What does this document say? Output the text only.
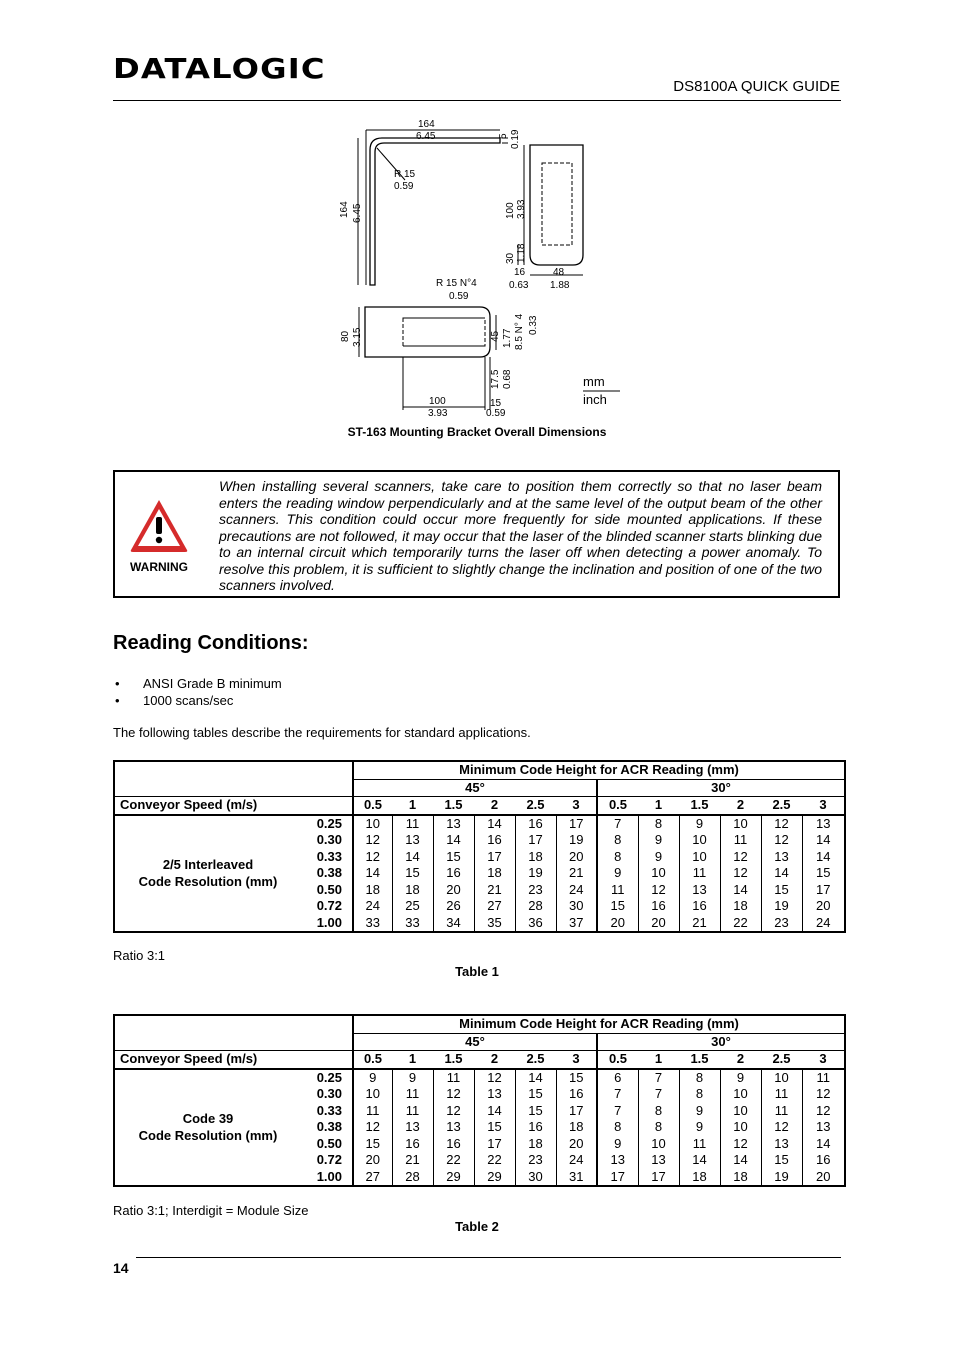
DATALOGIC
DS8100A QUICK GUIDE
164
6.45
R 15
0.59
164 6.45
5 0.19
100 3.93
30 1.18
16
0.63
48
1.88
R 15 N°4
0.59
80 3.15	45 1.77 8.5 N° 4 0.33
17.5 0.68
100
3.93
15
0.59
mm
inch
ST-163 Mounting Bracket Overall Dimensions
WARNING
When installing several scanners, take care to position them correctly so that no laser beam enters the reading window perpendicularly and at the same level of the output beam of the other scanners. This condition could occur more frequently for side mounted applications. If these precautions are not followed, it may occur that the laser of the blinded scanner starts blinking due to an internal circuit which temporarily turns the laser off when detecting a power anomaly. To resolve this problem, it is sufficient to slightly change the inclination and position of one of the two scanners involved.
Reading Conditions:
• ANSI Grade B minimum
• 1000 scans/sec
The following tables describe the requirements for standard applications.
		Minimum Code Height for ACR Reading (mm)											
		45°						30°					
Conveyor Speed (m/s)		0.5	1	1.5	2	2.5	3	0.5	1	1.5	2	2.5	3

2/5 Interleaved
Code Resolution (mm)	0.25	10	11	13	14	16	17	7	8	9	10	12	13
	0.30	12	13	14	16	17	19	8	9	10	11	12	14
	0.33	12	14	15	17	18	20	8	9	10	12	13	14
	0.38	14	15	16	18	19	21	9	10	11	12	14	15
	0.50	18	18	20	21	23	24	11	12	13	14	15	17
	0.72	24	25	26	27	28	30	15	16	16	18	19	20
	1.00	33	33	34	35	36	37	20	20	21	22	23	24
Ratio 3:1
Table 1
		Minimum Code Height for ACR Reading (mm)											
		45°						30°					
Conveyor Speed (m/s)		0.5	1	1.5	2	2.5	3	0.5	1	1.5	2	2.5	3

Code 39
Code Resolution (mm)	0.25	9	9	11	12	14	15	6	7	8	9	10	11
	0.30	10	11	12	13	15	16	7	7	8	10	11	12
	0.33	11	11	12	14	15	17	7	8	9	10	11	12
	0.38	12	13	13	15	16	18	8	8	9	10	12	13
	0.50	15	16	16	17	18	20	9	10	11	12	13	14
	0.72	20	21	22	22	23	24	13	13	14	14	15	16
	1.00	27	28	29	29	30	31	17	17	18	18	19	20
Ratio 3:1; Interdigit = Module Size
Table 2
14
